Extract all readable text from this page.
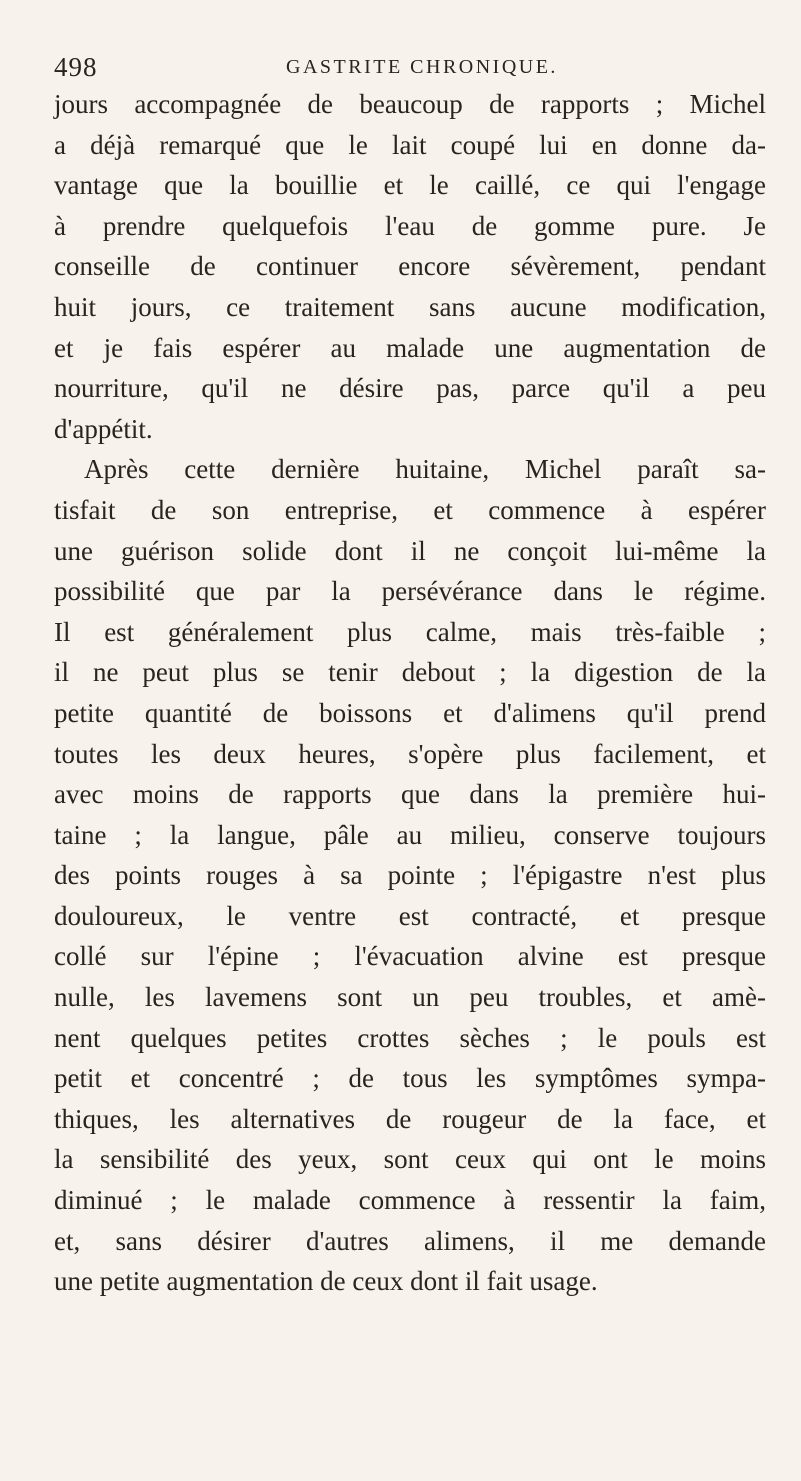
498	GASTRITE CHRONIQUE.
jours accompagnée de beaucoup de rapports ; Michel
a déjà remarqué que le lait coupé lui en donne da-
vantage que la bouillie et le caillé, ce qui l'engage
à prendre quelquefois l'eau de gomme pure. Je
conseille de continuer encore sévèrement, pendant
huit jours, ce traitement sans aucune modification,
et je fais espérer au malade une augmentation de
nourriture, qu'il ne désire pas, parce qu'il a peu
d'appétit.
Après cette dernière huitaine, Michel paraît sa-
tisfait de son entreprise, et commence à espérer
une guérison solide dont il ne conçoit lui-même la
possibilité que par la persévérance dans le régime.
Il est généralement plus calme, mais très-faible ;
il ne peut plus se tenir debout ; la digestion de la
petite quantité de boissons et d'alimens qu'il prend
toutes les deux heures, s'opère plus facilement, et
avec moins de rapports que dans la première hui-
taine ; la langue, pâle au milieu, conserve toujours
des points rouges à sa pointe ; l'épigastre n'est plus
douloureux, le ventre est contracté, et presque
collé sur l'épine ; l'évacuation alvine est presque
nulle, les lavemens sont un peu troubles, et amè-
nent quelques petites crottes sèches ; le pouls est
petit et concentré ; de tous les symptômes sympa-
thiques, les alternatives de rougeur de la face, et
la sensibilité des yeux, sont ceux qui ont le moins
diminué ; le malade commence à ressentir la faim,
et, sans désirer d'autres alimens, il me demande
une petite augmentation de ceux dont il fait usage.
